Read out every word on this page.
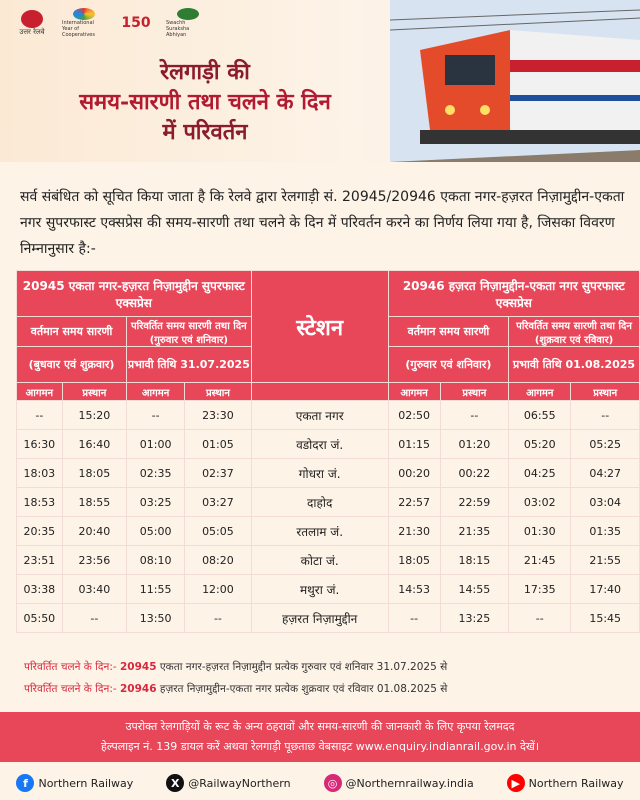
उत्तर रेलवे
International Year of Cooperatives
150	Swachh Suraksha Abhiyan
रेलगाड़ी की
समय-सारणी तथा चलने के दिन
में परिवर्तन
सर्व संबंधित को सूचित किया जाता है कि रेलवे द्वारा रेलगाड़ी सं. 20945/20946 एकता नगर-हज़रत निज़ामुद्दीन-एकता नगर सुपरफास्ट एक्सप्रेस की समय-सारणी तथा चलने के दिन में परिवर्तन करने का निर्णय लिया गया है, जिसका विवरण निम्नानुसार है:-
20945 एकता नगर-हज़रत निज़ामुद्दीन सुपरफास्ट एक्सप्रेस				स्टेशन	20946 हज़रत निज़ामुद्दीन-एकता नगर सुपरफास्ट एक्सप्रेस			
वर्तमान समय सारणी		परिवर्तित समय सारणी तथा दिन (गुरुवार एवं शनिवार)			वर्तमान समय सारणी		परिवर्तित समय सारणी तथा दिन (शुक्रवार एवं रविवार)	
(बुधवार एवं शुक्रवार)		प्रभावी तिथि 31.07.2025			(गुरुवार एवं शनिवार)		प्रभावी तिथि 01.08.2025	
आगमन	प्रस्थान	आगमन	प्रस्थान		आगमन	प्रस्थान	आगमन	प्रस्थान
--	15:20	--	23:30	एकता नगर	02:50	--	06:55	--
16:30	16:40	01:00	01:05	वडोदरा जं.	01:15	01:20	05:20	05:25
18:03	18:05	02:35	02:37	गोधरा जं.	00:20	00:22	04:25	04:27
18:53	18:55	03:25	03:27	दाहोद	22:57	22:59	03:02	03:04
20:35	20:40	05:00	05:05	रतलाम जं.	21:30	21:35	01:30	01:35
23:51	23:56	08:10	08:20	कोटा जं.	18:05	18:15	21:45	21:55
03:38	03:40	11:55	12:00	मथुरा जं.	14:53	14:55	17:35	17:40
05:50	--	13:50	--	हज़रत निज़ामुद्दीन	--	13:25	--	15:45
परिवर्तित चलने के दिन:- 20945 एकता नगर-हज़रत निज़ामुद्दीन प्रत्येक गुरुवार एवं शनिवार 31.07.2025 से
परिवर्तित चलने के दिन:- 20946 हज़रत निज़ामुद्दीन-एकता नगर प्रत्येक शुक्रवार एवं रविवार 01.08.2025 से
उपरोक्त रेलगाड़ियों के रूट के अन्य ठहरावों और समय-सारणी की जानकारी के लिए कृपया रेलमदद
हेल्पलाइन नं. 139 डायल करें अथवा रेलगाड़ी पूछताछ वेबसाइट www.enquiry.indianrail.gov.in देखें।
f Northern Railway	X @RailwayNorthern	◎ @Northernrailway.india	▶ Northern Railway
